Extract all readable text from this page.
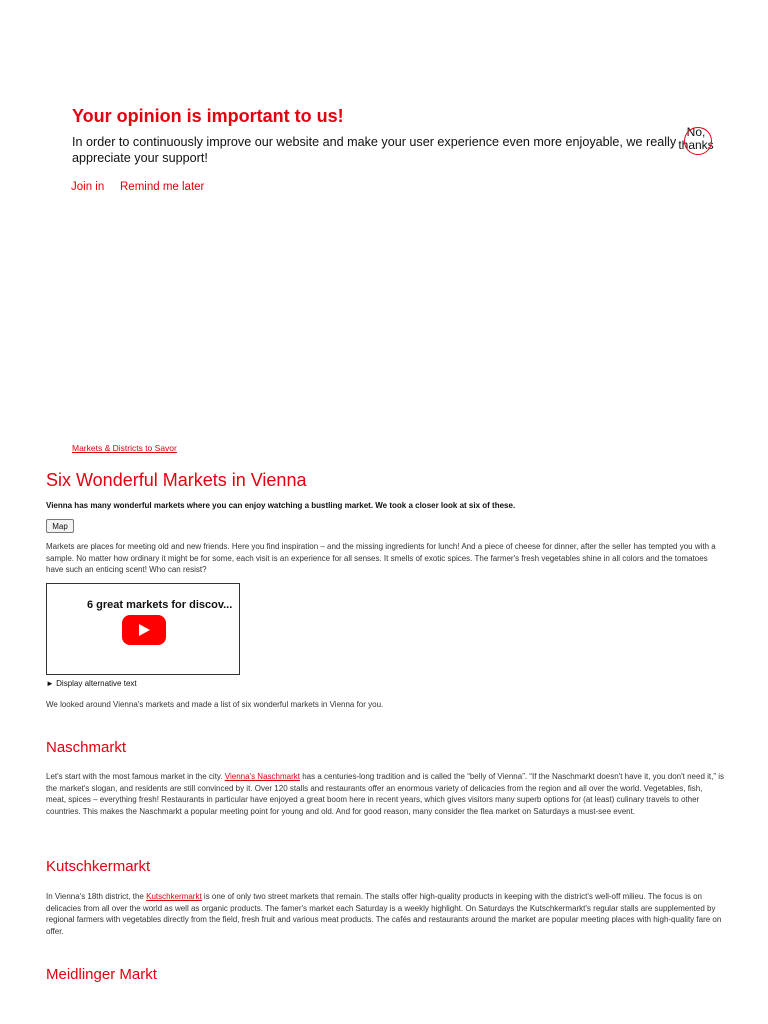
Your opinion is important to us!
In order to continuously improve our website and make your user experience even more enjoyable, we really appreciate your support!
No, thanks
Join in Remind me later
Markets & Districts to Savor
Six Wonderful Markets in Vienna

Vienna has many wonderful markets where you can enjoy watching a bustling market. We took a closer look at six of these.

Map

Markets are places for meeting old and new friends. Here you find inspiration – and the missing ingredients for lunch! And a piece of cheese for dinner, after the seller has tempted you with a sample. No matter how ordinary it might be for some, each visit is an experience for all senses. It smells of exotic spices. The farmer's fresh vegetables shine in all colors and the tomatoes have such an enticing scent! Who can resist?

6 great markets for discov...
► Display alternative text

We looked around Vienna's markets and made a list of six wonderful markets in Vienna for you.

Naschmarkt

Let's start with the most famous market in the city. Vienna's Naschmarkt has a centuries-long tradition and is called the “belly of Vienna”. “If the Naschmarkt doesn't have it, you don't need it,” is the market's slogan, and residents are still convinced by it. Over 120 stalls and restaurants offer an enormous variety of delicacies from the region and all over the world. Vegetables, fish, meat, spices – everything fresh! Restaurants in particular have enjoyed a great boom here in recent years, which gives visitors many superb options for (at least) culinary travels to other countries. This makes the Naschmarkt a popular meeting point for young and old. And for good reason, many consider the flea market on Saturdays a must-see event.

Kutschkermarkt

In Vienna's 18th district, the Kutschkermarkt is one of only two street markets that remain. The stalls offer high-quality products in keeping with the district's well-off milieu. The focus is on delicacies from all over the world as well as organic products. The famer's market each Saturday is a weekly highlight. On Saturdays the Kutschkermarkt's regular stalls are supplemented by regional farmers with vegetables directly from the field, fresh fruit and various meat products. The cafés and restaurants around the market are popular meeting places with high-quality fare on offer.

Meidlinger Markt
